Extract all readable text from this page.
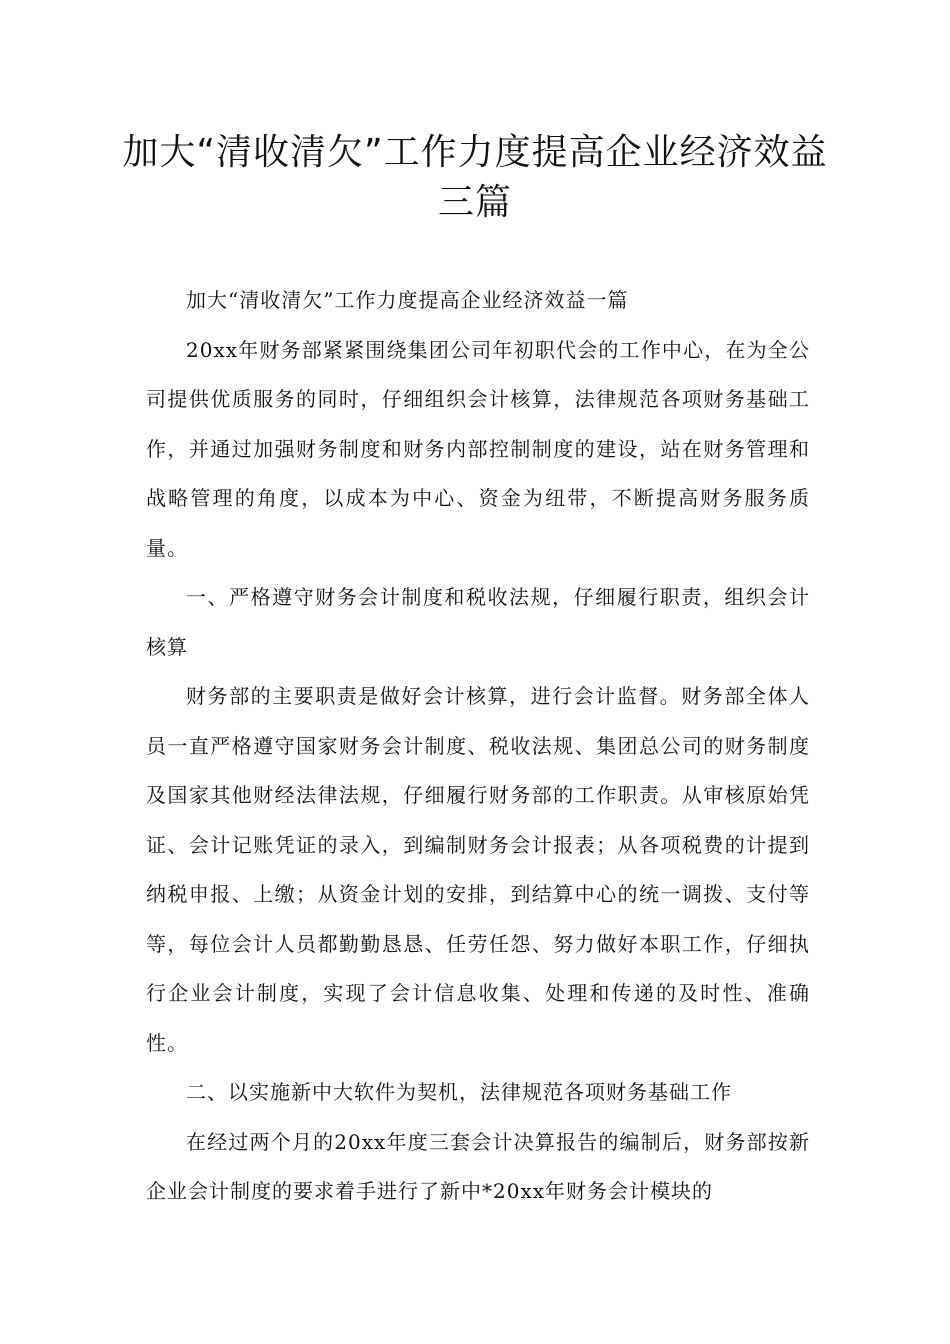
加大“清收清欠”工作力度提高企业经济效益三篇

加大“清收清欠”工作力度提高企业经济效益一篇

20xx年财务部紧紧围绕集团公司年初职代会的工作中心，在为全公司提供优质服务的同时，仔细组织会计核算，法律规范各项财务基础工作，并通过加强财务制度和财务内部控制制度的建设，站在财务管理和战略管理的角度，以成本为中心、资金为纽带，不断提高财务服务质量。

一、严格遵守财务会计制度和税收法规，仔细履行职责，组织会计核算

财务部的主要职责是做好会计核算，进行会计监督。财务部全体人员一直严格遵守国家财务会计制度、税收法规、集团总公司的财务制度及国家其他财经法律法规，仔细履行财务部的工作职责。从审核原始凭证、会计记账凭证的录入，到编制财务会计报表；从各项税费的计提到纳税申报、上缴；从资金计划的安排，到结算中心的统一调拨、支付等等，每位会计人员都勤勤恳恳、任劳任怨、努力做好本职工作，仔细执行企业会计制度，实现了会计信息收集、处理和传递的及时性、准确性。

二、以实施新中大软件为契机，法律规范各项财务基础工作

在经过两个月的20xx年度三套会计决算报告的编制后，财务部按新企业会计制度的要求着手进行了新中*20xx年财务会计模块的
